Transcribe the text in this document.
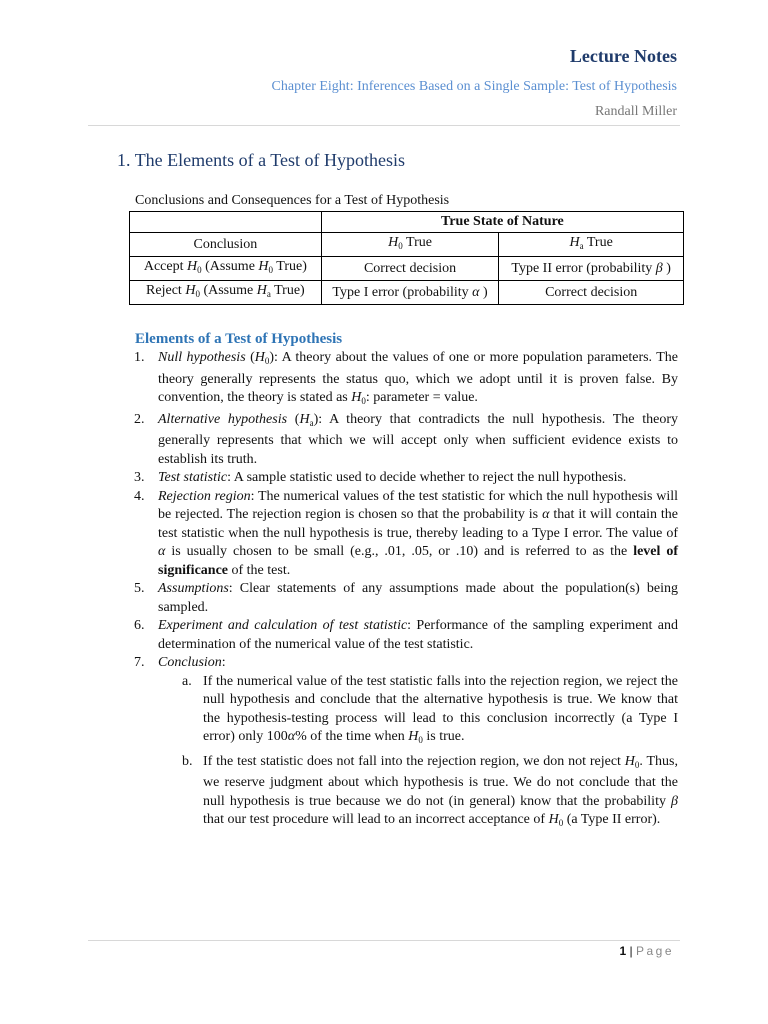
Lecture Notes
Chapter Eight: Inferences Based on a Single Sample: Test of Hypothesis
Randall Miller
1. The Elements of a Test of Hypothesis
Conclusions and Consequences for a Test of Hypothesis
	True State of Nature	
Conclusion	$H_0$ True	$H_a$ True
Accept $H_0$ (Assume $H_0$ True)	Correct decision	Type II error (probability β )
Reject $H_0$ (Assume $H_a$ True)	Type I error (probability α )	Correct decision
Elements of a Test of Hypothesis
1. Null hypothesis $(H_0)$: A theory about the values of one or more population parameters. The theory generally represents the status quo, which we adopt until it is proven false. By convention, the theory is stated as $H_0$: parameter = value.
2. Alternative hypothesis $(H_a)$: A theory that contradicts the null hypothesis. The theory generally represents that which we will accept only when sufficient evidence exists to establish its truth.
3. Test statistic: A sample statistic used to decide whether to reject the null hypothesis.
4. Rejection region: The numerical values of the test statistic for which the null hypothesis will be rejected. The rejection region is chosen so that the probability is α that it will contain the test statistic when the null hypothesis is true, thereby leading to a Type I error. The value of α is usually chosen to be small (e.g., .01, .05, or .10) and is referred to as the level of significance of the test.
5. Assumptions: Clear statements of any assumptions made about the population(s) being sampled.
6. Experiment and calculation of test statistic: Performance of the sampling experiment and determination of the numerical value of the test statistic.
7. Conclusion:
a. If the numerical value of the test statistic falls into the rejection region, we reject the null hypothesis and conclude that the alternative hypothesis is true. We know that the hypothesis-testing process will lead to this conclusion incorrectly (a Type I error) only 100α% of the time when $H_0$ is true.
b. If the test statistic does not fall into the rejection region, we don not reject $H_0$. Thus, we reserve judgment about which hypothesis is true. We do not conclude that the null hypothesis is true because we do not (in general) know that the probability β that our test procedure will lead to an incorrect acceptance of $H_0$ (a Type II error).
1 | Page
